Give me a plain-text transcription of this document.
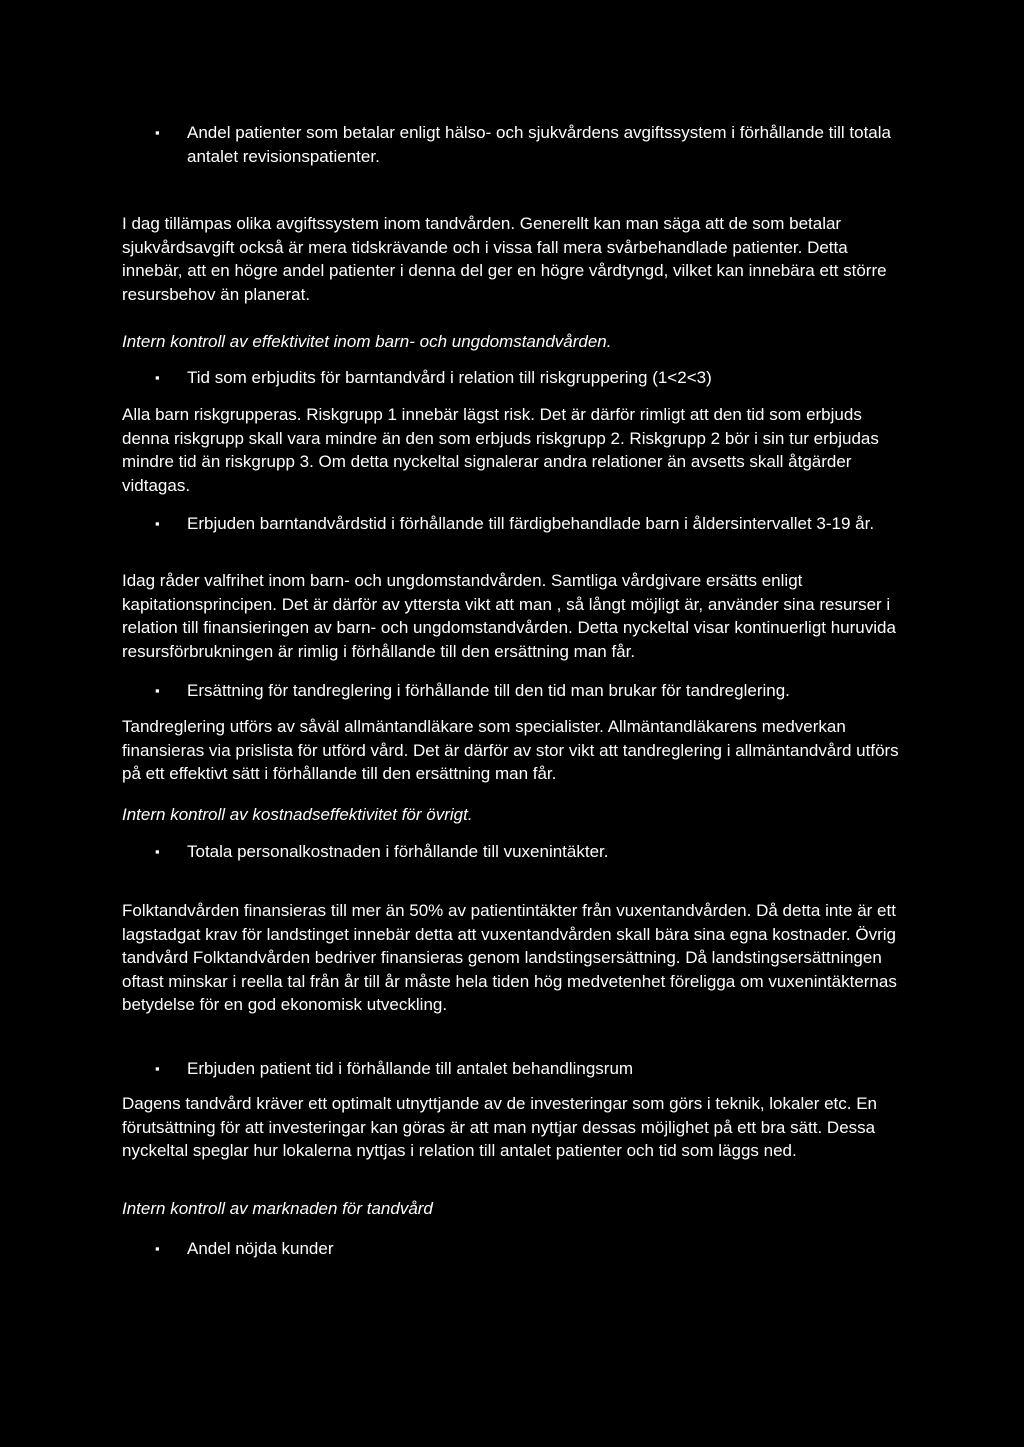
▪	Andel patienter som betalar enligt hälso- och sjukvårdens avgiftssystem i förhållande till totala antalet revisionspatienter.

I dag tillämpas olika avgiftssystem inom tandvården. Generellt kan man säga att de som betalar sjukvårdsavgift också är mera tidskrävande och i vissa fall mera svårbehandlade patienter. Detta innebär, att en högre andel patienter i denna del ger en högre vårdtyngd, vilket kan innebära ett större resursbehov än planerat.

Intern kontroll av effektivitet inom barn- och ungdomstandvården.

▪	Tid som erbjudits för barntandvård i relation till riskgruppering (1<2<3)

Alla barn riskgrupperas. Riskgrupp 1 innebär lägst risk. Det är därför rimligt att den tid som erbjuds denna riskgrupp skall vara mindre än den som erbjuds riskgrupp 2. Riskgrupp 2 bör i sin tur erbjudas mindre tid än riskgrupp 3. Om detta nyckeltal signalerar andra relationer än avsetts skall åtgärder vidtagas.

▪	Erbjuden barntandvårdstid i förhållande till färdigbehandlade barn i åldersintervallet 3-19 år.

Idag råder valfrihet inom barn- och ungdomstandvården. Samtliga vårdgivare ersätts enligt kapitationsprincipen. Det är därför av yttersta vikt att man , så långt möjligt är, använder sina resurser i relation till finansieringen av barn- och ungdomstandvården. Detta nyckeltal visar kontinuerligt huruvida resursförbrukningen är rimlig i förhållande till den ersättning man får.

▪	Ersättning för tandreglering i förhållande till den tid man brukar för tandreglering.

Tandreglering utförs av såväl allmäntandläkare som specialister. Allmäntandläkarens medverkan finansieras via prislista för utförd vård. Det är därför av stor vikt att tandreglering i allmäntandvård utförs på ett effektivt sätt i förhållande till den ersättning man får.

Intern kontroll av kostnadseffektivitet för övrigt.

▪	Totala personalkostnaden i förhållande till vuxenintäkter.

Folktandvården finansieras till mer än 50% av patientintäkter från vuxentandvården. Då detta inte är ett lagstadgat krav för landstinget innebär detta att vuxentandvården skall bära sina egna kostnader. Övrig tandvård Folktandvården bedriver finansieras genom landstingsersättning. Då landstingsersättningen oftast minskar i reella tal från år till år måste hela tiden hög medvetenhet föreligga om vuxenintäkternas betydelse för en god ekonomisk utveckling.

▪	Erbjuden patient tid i förhållande till antalet behandlingsrum

Dagens tandvård kräver ett optimalt utnyttjande av de investeringar som görs i teknik, lokaler etc. En förutsättning för att investeringar kan göras är att man nyttjar dessas möjlighet på ett bra sätt. Dessa nyckeltal speglar hur lokalerna nyttjas i relation till antalet patienter och tid som läggs ned.

Intern kontroll av marknaden för tandvård

▪	Andel nöjda kunder
